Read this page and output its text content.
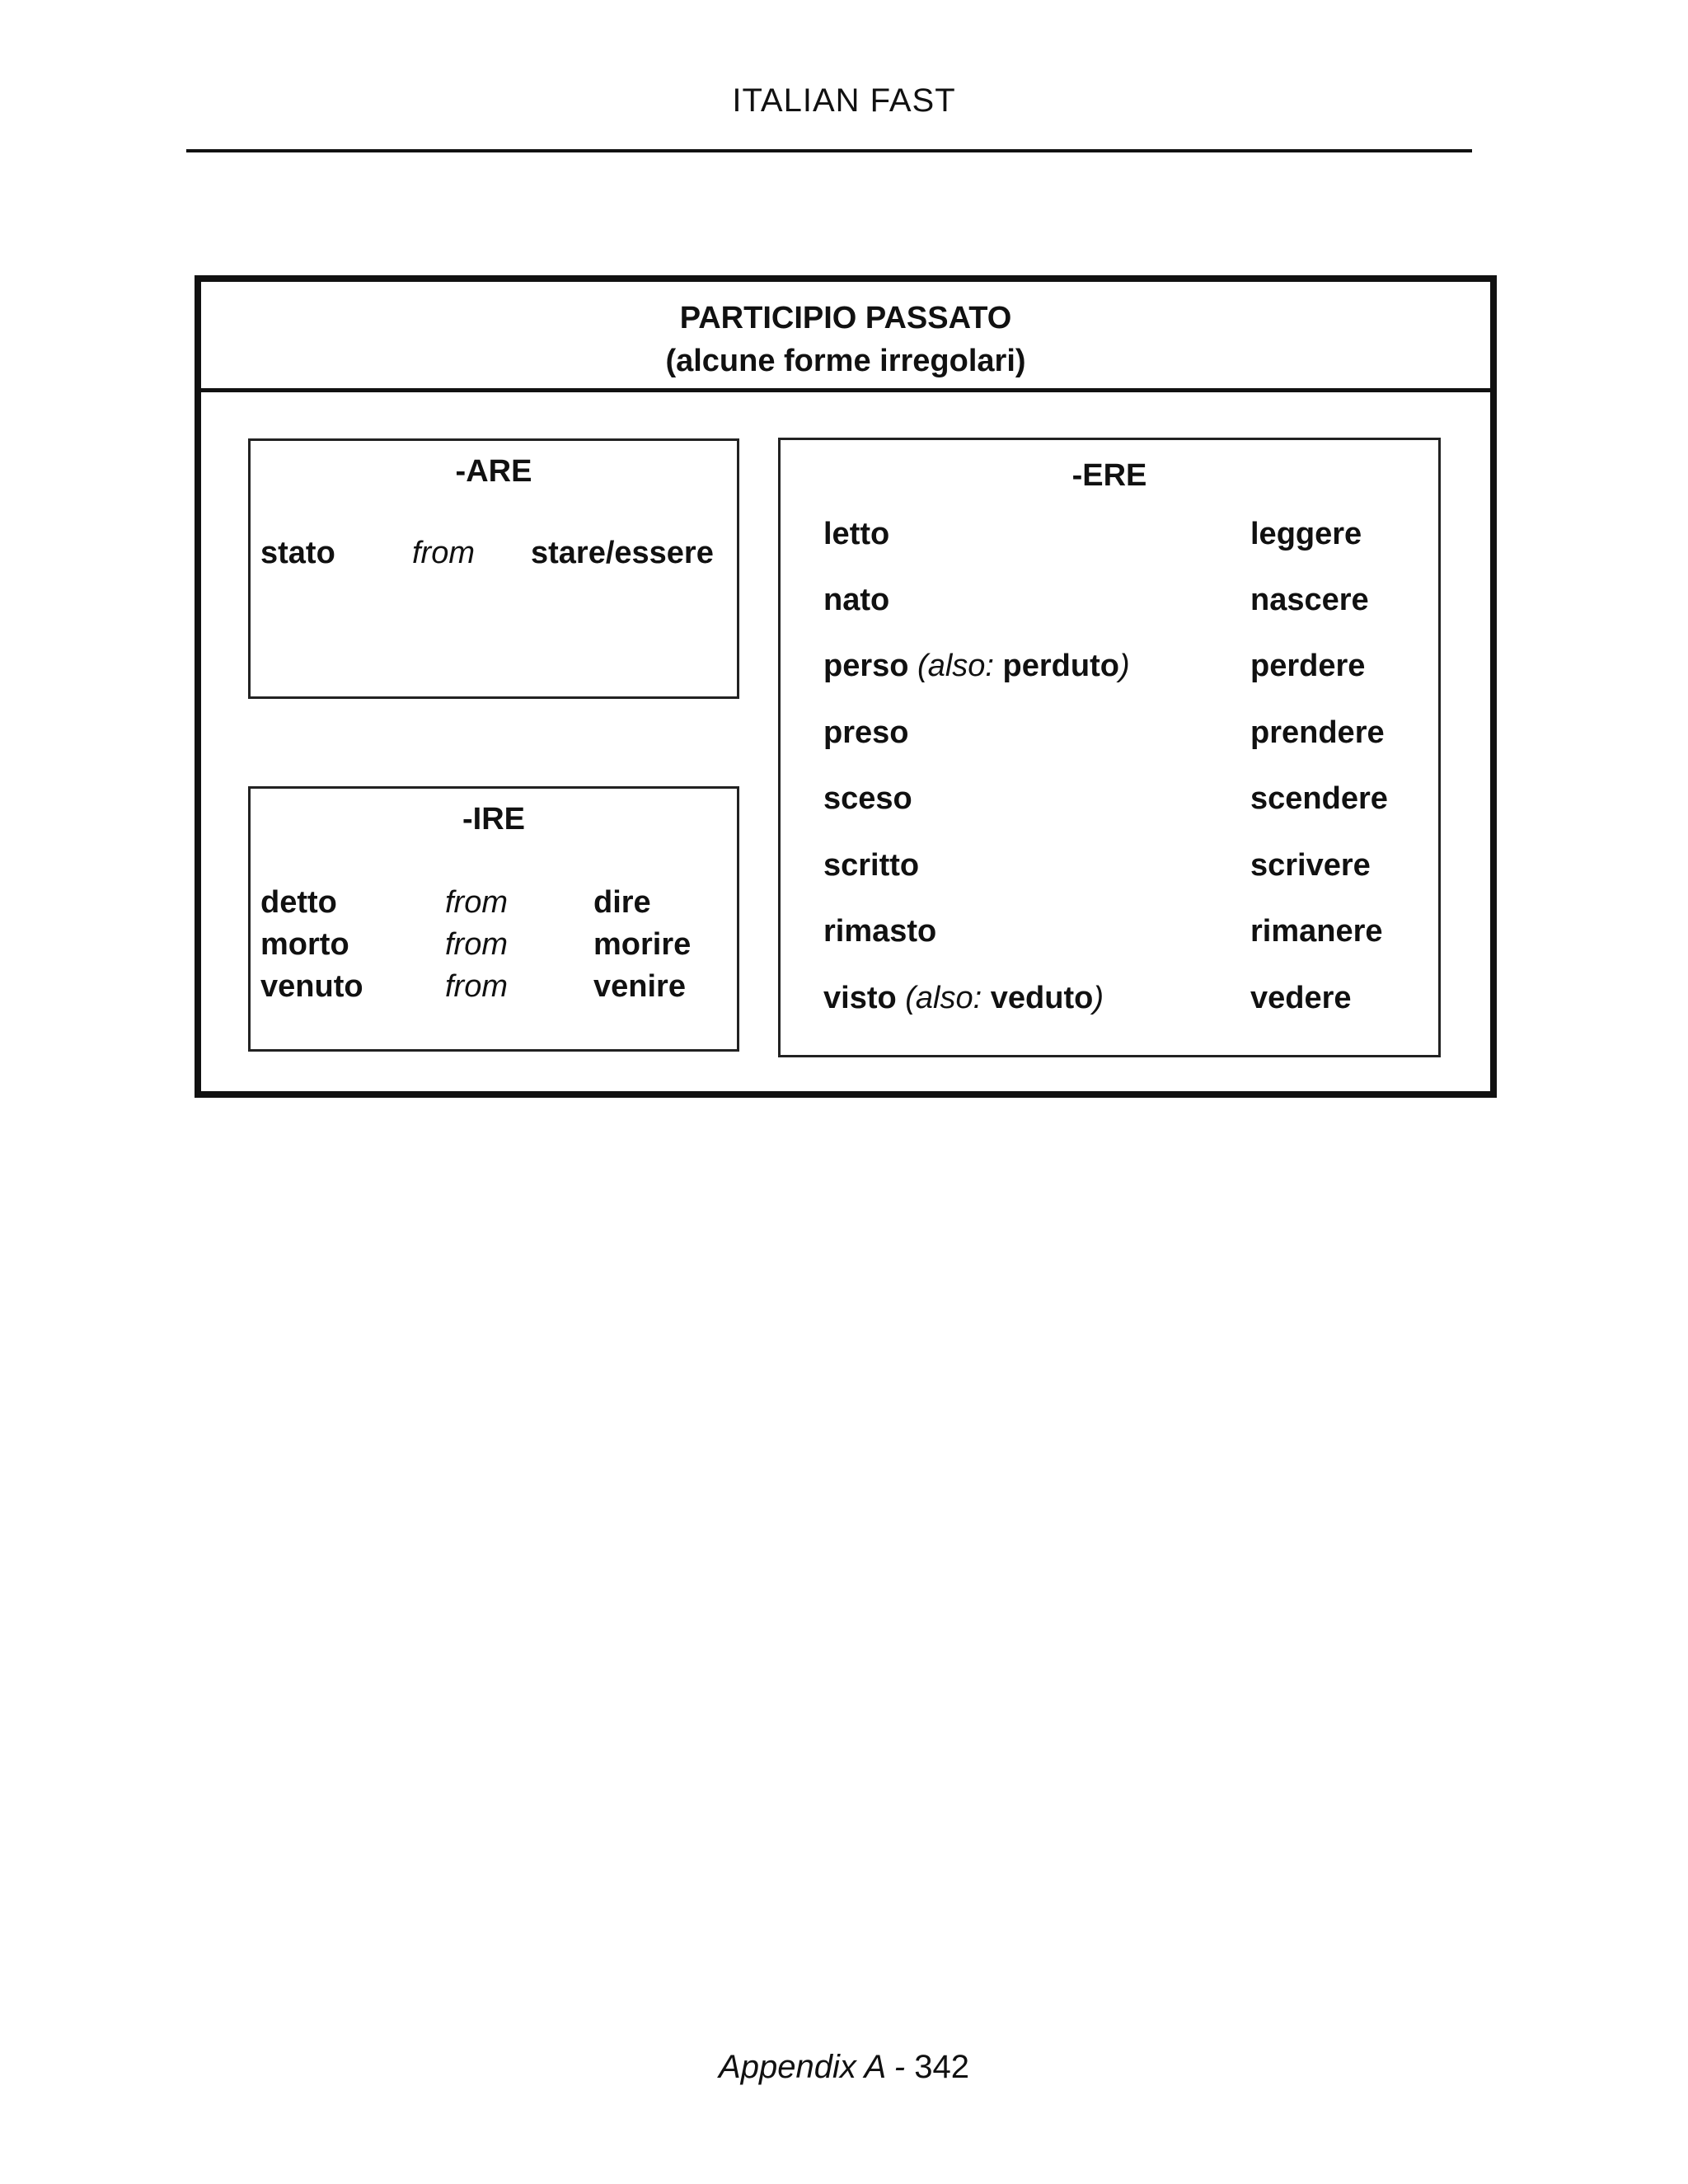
ITALIAN FAST
PARTICIPIO PASSATO
(alcune forme irregolari)
-ARE
stato from stare/essere
-IRE
detto	from	dire
morto	from	morire
venuto	from	venire
-ERE
letto	leggere
nato	nascere
perso (also: perduto)	perdere
preso	prendere
sceso	scendere
scritto	scrivere
rimasto	rimanere
visto (also: veduto)	vedere
Appendix A - 342
